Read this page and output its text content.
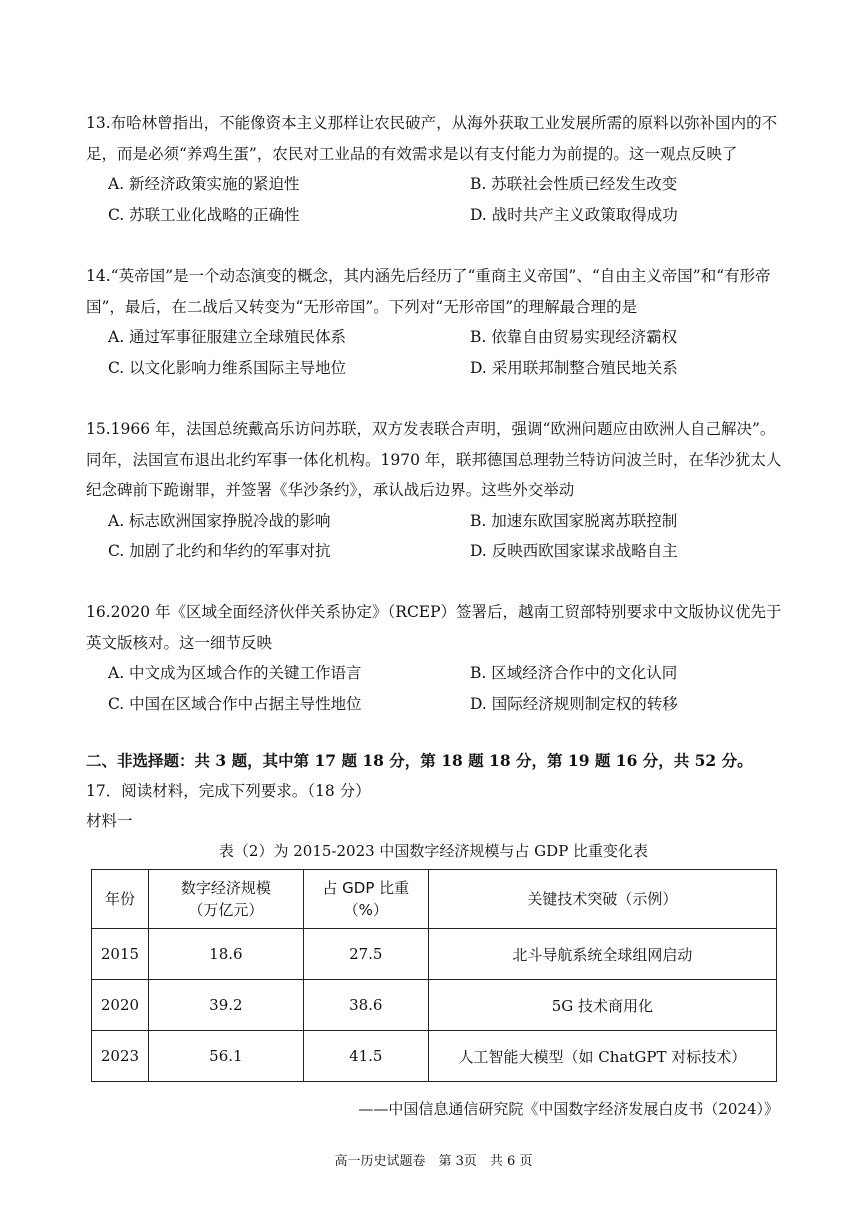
13.布哈林曾指出，不能像资本主义那样让农民破产，从海外获取工业发展所需的原料以弥补国内的不足，而是必须“养鸡生蛋”，农民对工业品的有效需求是以有支付能力为前提的。这一观点反映了
A. 新经济政策实施的紧迫性	B. 苏联社会性质已经发生改变
C. 苏联工业化战略的正确性	D. 战时共产主义政策取得成功
14.“英帝国”是一个动态演变的概念，其内涵先后经历了“重商主义帝国”、“自由主义帝国”和“有形帝国”，最后，在二战后又转变为“无形帝国”。下列对“无形帝国”的理解最合理的是
A. 通过军事征服建立全球殖民体系	B. 依靠自由贸易实现经济霸权
C. 以文化影响力维系国际主导地位	D. 采用联邦制整合殖民地关系
15.1966 年，法国总统戴高乐访问苏联，双方发表联合声明，强调“欧洲问题应由欧洲人自己解决”。同年，法国宣布退出北约军事一体化机构。1970 年，联邦德国总理勃兰特访问波兰时，在华沙犹太人纪念碑前下跪谢罪，并签署《华沙条约》，承认战后边界。这些外交举动
A. 标志欧洲国家挣脱冷战的影响	B. 加速东欧国家脱离苏联控制
C. 加剧了北约和华约的军事对抗	D. 反映西欧国家谋求战略自主
16.2020 年《区域全面经济伙伴关系协定》（RCEP）签署后，越南工贸部特别要求中文版协议优先于英文版核对。这一细节反映
A. 中文成为区域合作的关键工作语言	B. 区域经济合作中的文化认同
C. 中国在区域合作中占据主导性地位	D. 国际经济规则制定权的转移
二、非选择题：共 3 题，其中第 17 题 18 分，第 18 题 18 分，第 19 题 16 分，共 52 分。
17．阅读材料，完成下列要求。（18 分）
材料一
表（2）为 2015-2023 中国数字经济规模与占 GDP 比重变化表
年份	数字经济规模（万亿元）	占 GDP 比重（%）	关键技术突破（示例）
2015	18.6	27.5	北斗导航系统全球组网启动
2020	39.2	38.6	5G 技术商用化
2023	56.1	41.5	人工智能大模型（如 ChatGPT 对标技术）
——中国信息通信研究院《中国数字经济发展白皮书（2024）》
高一历史试题卷　第 3页　共 6 页
